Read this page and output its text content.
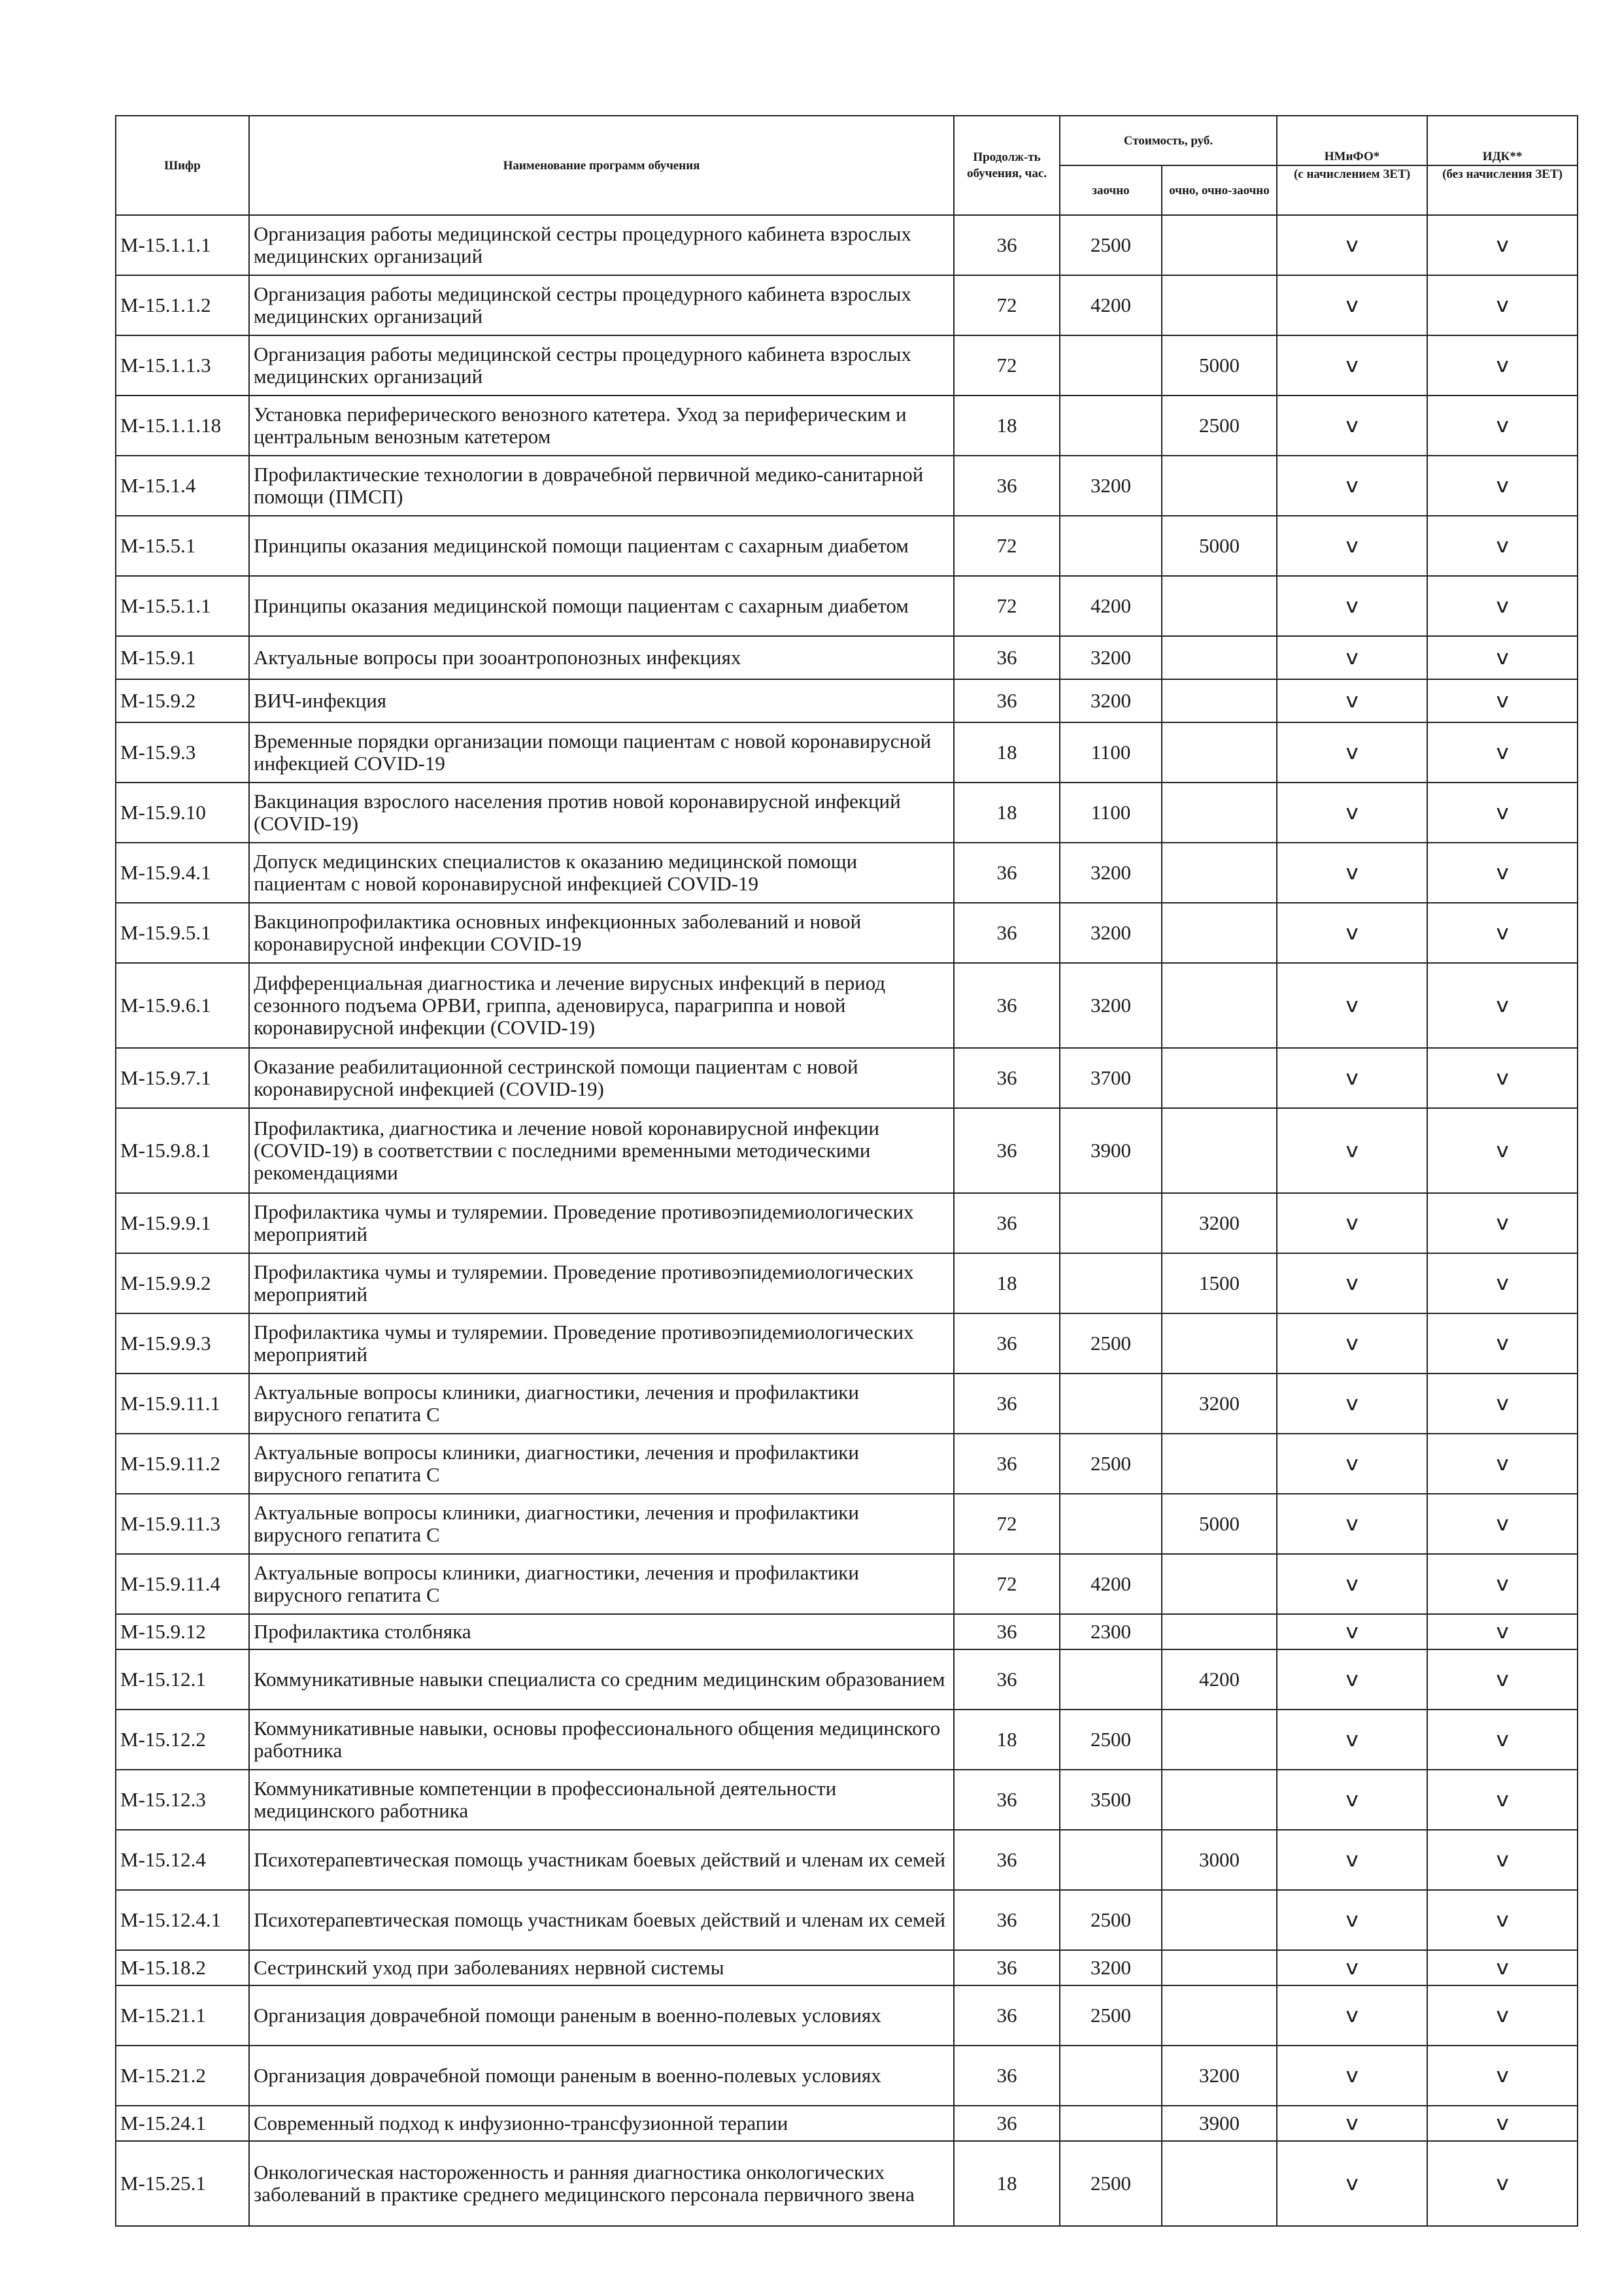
Шифр	Наименование программ обучения	Продолж-ть обучения, час.	Стоимость, руб.		НМиФО*	ИДК**
			заочно	очно, очно-заочно	(с начислением ЗЕТ)	(без начисления ЗЕТ)
М-15.1.1.1	Организация работы медицинской сестры процедурного кабинета взрослых медицинских организаций	36	2500		v	v
М-15.1.1.2	Организация работы медицинской сестры процедурного кабинета взрослых медицинских организаций	72	4200		v	v
М-15.1.1.3	Организация работы медицинской сестры процедурного кабинета взрослых медицинских организаций	72		5000	v	v
М-15.1.1.18	Установка периферического венозного катетера. Уход за периферическим и центральным венозным катетером	18		2500	v	v
М-15.1.4	Профилактические технологии в доврачебной первичной медико-санитарной помощи (ПМСП)	36	3200		v	v
М-15.5.1	Принципы оказания медицинской помощи пациентам с сахарным диабетом	72		5000	v	v
М-15.5.1.1	Принципы оказания медицинской помощи пациентам с сахарным диабетом	72	4200		v	v
М-15.9.1	Актуальные вопросы при зооантропонозных инфекциях	36	3200		v	v
М-15.9.2	ВИЧ-инфекция	36	3200		v	v
М-15.9.3	Временные порядки организации помощи пациентам с новой коронавирусной инфекцией COVID-19	18	1100		v	v
М-15.9.10	Вакцинация взрослого населения против новой коронавирусной инфекций (COVID-19)	18	1100		v	v
М-15.9.4.1	Допуск медицинских специалистов к оказанию медицинской помощи пациентам с новой коронавирусной инфекцией COVID-19	36	3200		v	v
М-15.9.5.1	Вакцинопрофилактика основных инфекционных заболеваний и новой коронавирусной инфекции COVID-19	36	3200		v	v
М-15.9.6.1	Дифференциальная диагностика и лечение вирусных инфекций в период сезонного подъема ОРВИ, гриппа, аденовируса, парагриппа и новой коронавирусной инфекции (COVID-19)	36	3200		v	v
М-15.9.7.1	Оказание реабилитационной сестринской помощи пациентам с новой коронавирусной инфекцией (COVID-19)	36	3700		v	v
М-15.9.8.1	Профилактика, диагностика и лечение новой коронавирусной инфекции (COVID-19) в соответствии с последними временными методическими рекомендациями	36	3900		v	v
М-15.9.9.1	Профилактика чумы и туляремии. Проведение противоэпидемиологических мероприятий	36		3200	v	v
М-15.9.9.2	Профилактика чумы и туляремии. Проведение противоэпидемиологических мероприятий	18		1500	v	v
М-15.9.9.3	Профилактика чумы и туляремии. Проведение противоэпидемиологических мероприятий	36	2500		v	v
М-15.9.11.1	Актуальные вопросы клиники, диагностики, лечения и профилактики вирусного гепатита С	36		3200	v	v
М-15.9.11.2	Актуальные вопросы клиники, диагностики, лечения и профилактики вирусного гепатита С	36	2500		v	v
М-15.9.11.3	Актуальные вопросы клиники, диагностики, лечения и профилактики вирусного гепатита С	72		5000	v	v
М-15.9.11.4	Актуальные вопросы клиники, диагностики, лечения и профилактики вирусного гепатита С	72	4200		v	v
М-15.9.12	Профилактика столбняка	36	2300		v	v
М-15.12.1	Коммуникативные навыки специалиста со средним медицинским образованием	36		4200	v	v
М-15.12.2	Коммуникативные навыки, основы профессионального общения медицинского работника	18	2500		v	v
М-15.12.3	Коммуникативные компетенции в профессиональной деятельности медицинского работника	36	3500		v	v
М-15.12.4	Психотерапевтическая помощь участникам боевых действий и членам их семей	36		3000	v	v
М-15.12.4.1	Психотерапевтическая помощь участникам боевых действий и членам их семей	36	2500		v	v
М-15.18.2	Сестринский уход при заболеваниях нервной системы	36	3200		v	v
М-15.21.1	Организация доврачебной помощи раненым в военно-полевых условиях	36	2500		v	v
М-15.21.2	Организация доврачебной помощи раненым в военно-полевых условиях	36		3200	v	v
М-15.24.1	Современный подход к инфузионно-трансфузионной терапии	36		3900	v	v
М-15.25.1	Онкологическая настороженность и ранняя диагностика онкологических заболеваний в практике среднего медицинского персонала первичного звена	18	2500		v	v
